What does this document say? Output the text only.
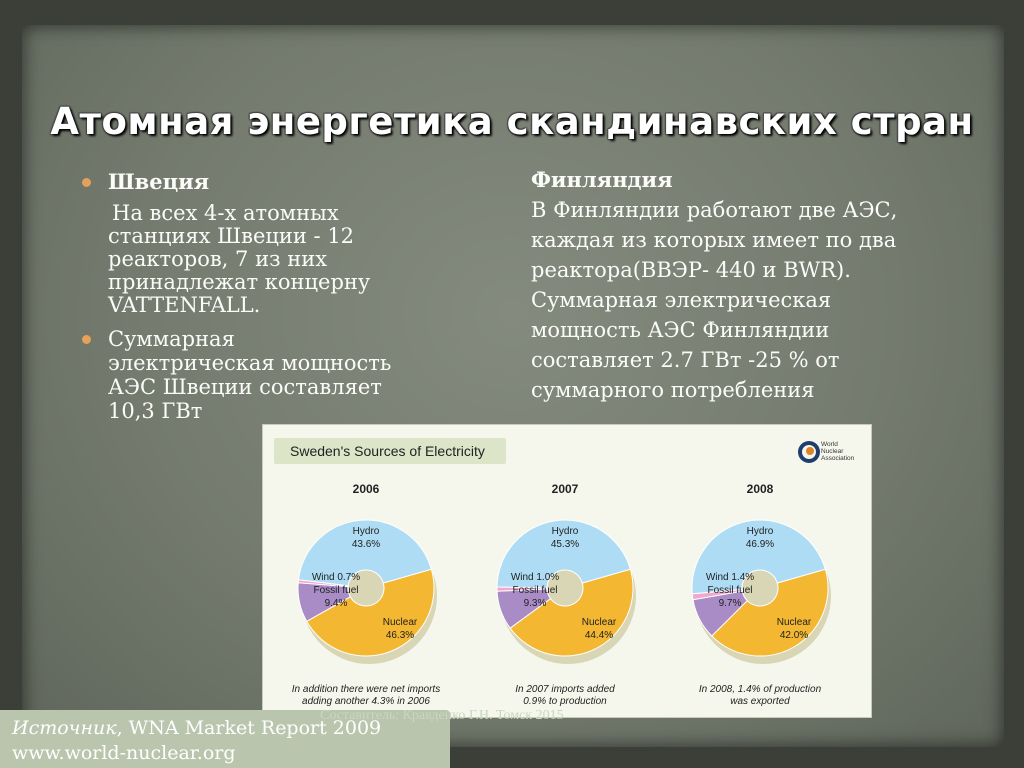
Атомная энергетика скандинавских стран
Швеция
На всех 4-х атомных
станциях Швеции - 12
реакторов, 7 из них
принадлежат концерну
VATTENFALL.
Суммарная
электрическая мощность
АЭС Швеции составляет
10,3 ГВт
Финляндия
В Финляндии работают две АЭС,
каждая из которых имеет по два
реактора(ВВЭР- 440 и BWR).
Суммарная электрическая
мощность АЭС Финляндии
составляет 2.7 ГВт -25 % от
суммарного потребления
Sweden's Sources of Electricity	World
Nuclear
Association
2006
Hydro
43.6%
Wind 0.7%
Fossil fuel
9.4%
Nuclear
46.3%
In addition there were net imports
adding another 4.3% in 2006
2007
Hydro
45.3%
Wind 1.0%
Fossil fuel
9.3%
Nuclear
44.4%
In 2007 imports added
0.9% to production
2008
Hydro
46.9%
Wind 1.4%
Fossil fuel
9.7%
Nuclear
42.0%
In 2008, 1.4% of production
was exported
Источник, WNA Market Report 2009
www.world-nuclear.org
Составитель: Кравденко Г.Н. Томск 2015
